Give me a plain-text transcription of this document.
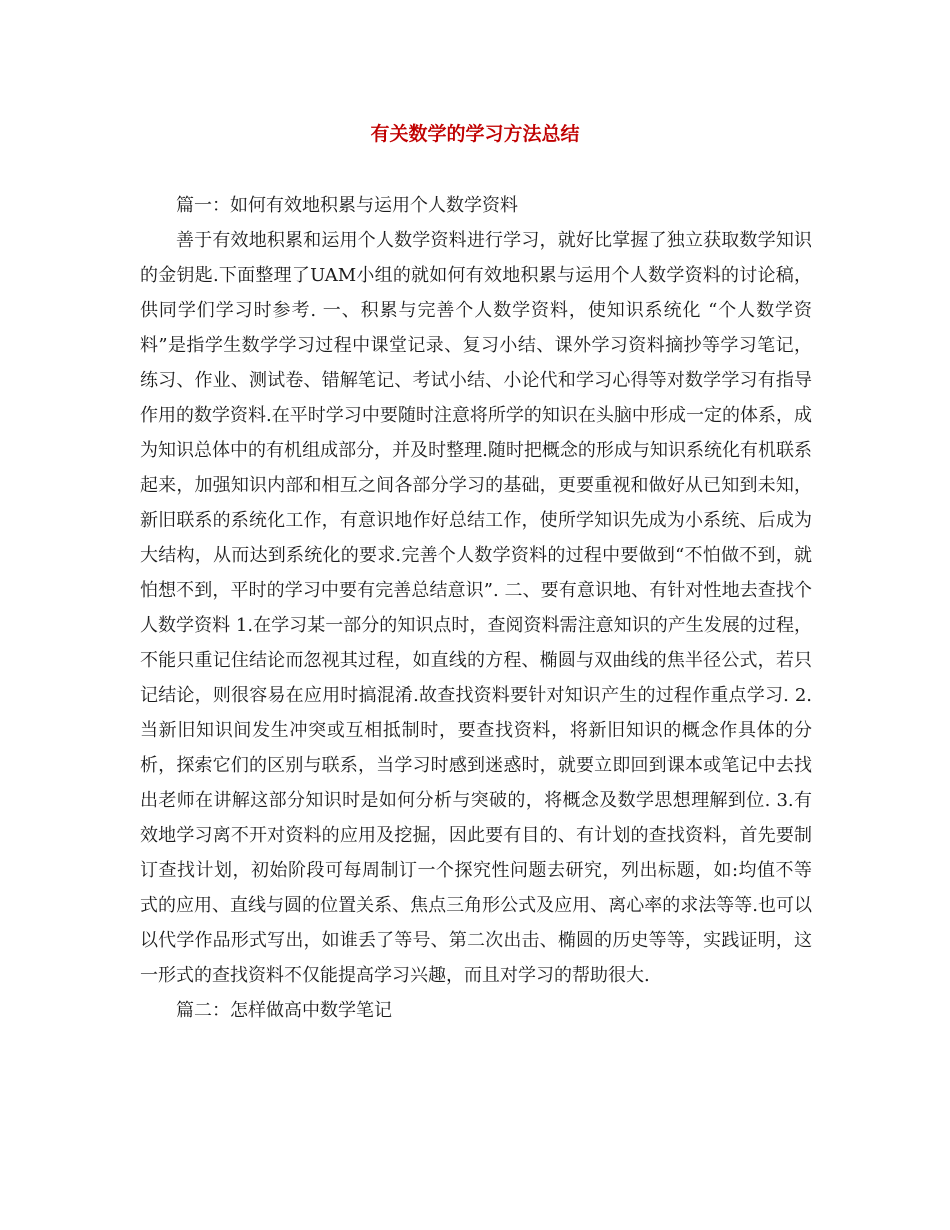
有关数学的学习方法总结

篇一：如何有效地积累与运用个人数学资料

善于有效地积累和运用个人数学资料进行学习，就好比掌握了独立获取数学知识的金钥匙.下面整理了UAM小组的就如何有效地积累与运用个人数学资料的讨论稿，供同学们学习时参考. 一、积累与完善个人数学资料，使知识系统化 “个人数学资料”是指学生数学学习过程中课堂记录、复习小结、课外学习资料摘抄等学习笔记，练习、作业、测试卷、错解笔记、考试小结、小论代和学习心得等对数学学习有指导作用的数学资料.在平时学习中要随时注意将所学的知识在头脑中形成一定的体系，成为知识总体中的有机组成部分，并及时整理.随时把概念的形成与知识系统化有机联系起来，加强知识内部和相互之间各部分学习的基础，更要重视和做好从已知到未知，新旧联系的系统化工作，有意识地作好总结工作，使所学知识先成为小系统、后成为大结构，从而达到系统化的要求.完善个人数学资料的过程中要做到“不怕做不到，就怕想不到，平时的学习中要有完善总结意识”. 二、要有意识地、有针对性地去查找个人数学资料 1.在学习某一部分的知识点时，查阅资料需注意知识的产生发展的过程，不能只重记住结论而忽视其过程，如直线的方程、椭圆与双曲线的焦半径公式，若只记结论，则很容易在应用时搞混淆.故查找资料要针对知识产生的过程作重点学习. 2.当新旧知识间发生冲突或互相抵制时，要查找资料，将新旧知识的概念作具体的分析，探索它们的区别与联系，当学习时感到迷惑时，就要立即回到课本或笔记中去找出老师在讲解这部分知识时是如何分析与突破的，将概念及数学思想理解到位. 3.有效地学习离不开对资料的应用及挖掘，因此要有目的、有计划的查找资料，首先要制订查找计划，初始阶段可每周制订一个探究性问题去研究，列出标题，如:均值不等式的应用、直线与圆的位置关系、焦点三角形公式及应用、离心率的求法等等.也可以以代学作品形式写出，如谁丢了等号、第二次出击、椭圆的历史等等，实践证明，这一形式的查找资料不仅能提高学习兴趣，而且对学习的帮助很大.

篇二：怎样做高中数学笔记
